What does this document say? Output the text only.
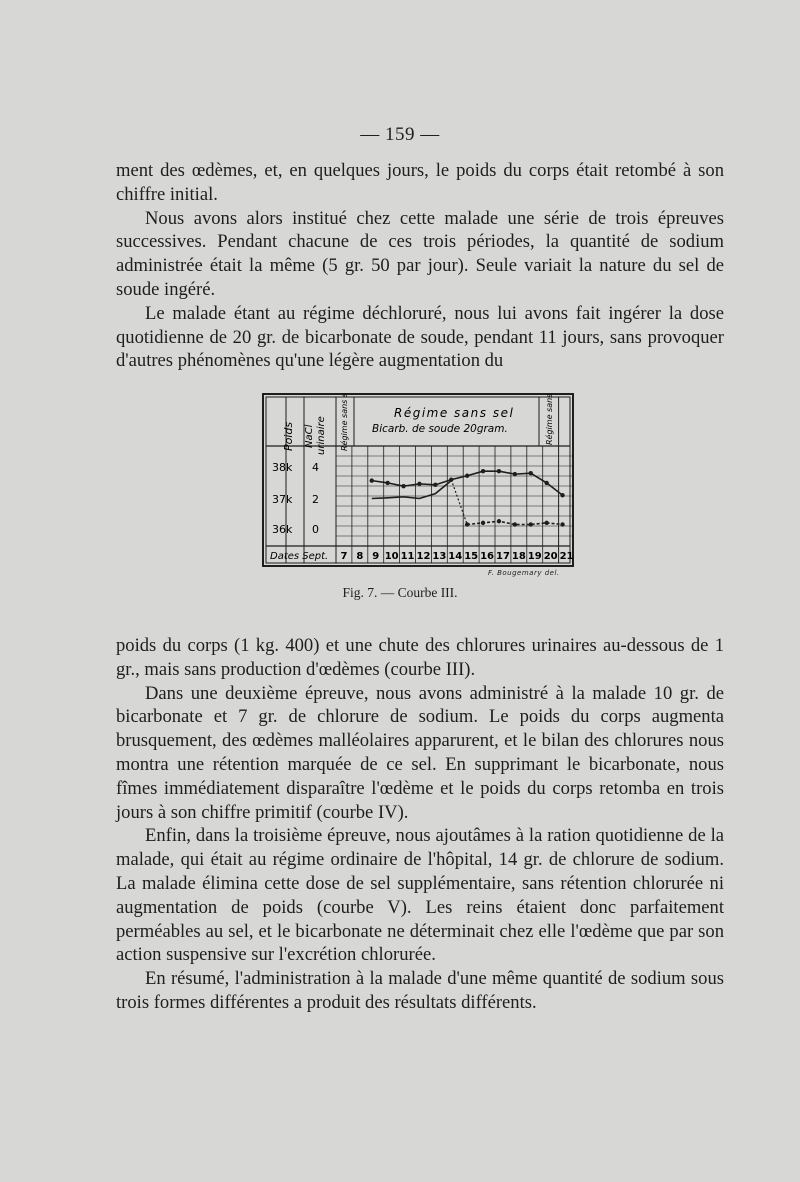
— 159 —

ment des œdèmes, et, en quelques jours, le poids du corps était retombé à son chiffre initial.

Nous avons alors institué chez cette malade une série de trois épreuves successives. Pendant chacune de ces trois périodes, la quantité de sodium administrée était la même (5 gr. 50 par jour). Seule variait la nature du sel de soude ingéré.

Le malade étant au régime déchloruré, nous lui avons fait ingérer la dose quotidienne de 20 gr. de bicarbonate de soude, pendant 11 jours, sans provoquer d'autres phénomènes qu'une légère augmentation du

Poids NaCl urinaire Régime sans sel	Régime sans sel
Bicarb. de soude 20gram.	Régime sans sel
38k
37k
36k
4
2
0
Dates Sept. 7 8 9 10 11 12 13 14 15 16 17 18 19 20 21
F. Bougemary del.
Fig. 7. — Courbe III.

poids du corps (1 kg. 400) et une chute des chlorures urinaires au-dessous de 1 gr., mais sans production d'œdèmes (courbe III).

Dans une deuxième épreuve, nous avons administré à la malade 10 gr. de bicarbonate et 7 gr. de chlorure de sodium. Le poids du corps augmenta brusquement, des œdèmes malléolaires apparurent, et le bilan des chlorures nous montra une rétention marquée de ce sel. En supprimant le bicarbonate, nous fîmes immédiatement disparaître l'œdème et le poids du corps retomba en trois jours à son chiffre primitif (courbe IV).

Enfin, dans la troisième épreuve, nous ajoutâmes à la ration quotidienne de la malade, qui était au régime ordinaire de l'hôpital, 14 gr. de chlorure de sodium. La malade élimina cette dose de sel supplémentaire, sans rétention chlorurée ni augmentation de poids (courbe V). Les reins étaient donc parfaitement perméables au sel, et le bicarbonate ne déterminait chez elle l'œdème que par son action suspensive sur l'excrétion chlorurée.

En résumé, l'administration à la malade d'une même quantité de sodium sous trois formes différentes a produit des résultats différents.
